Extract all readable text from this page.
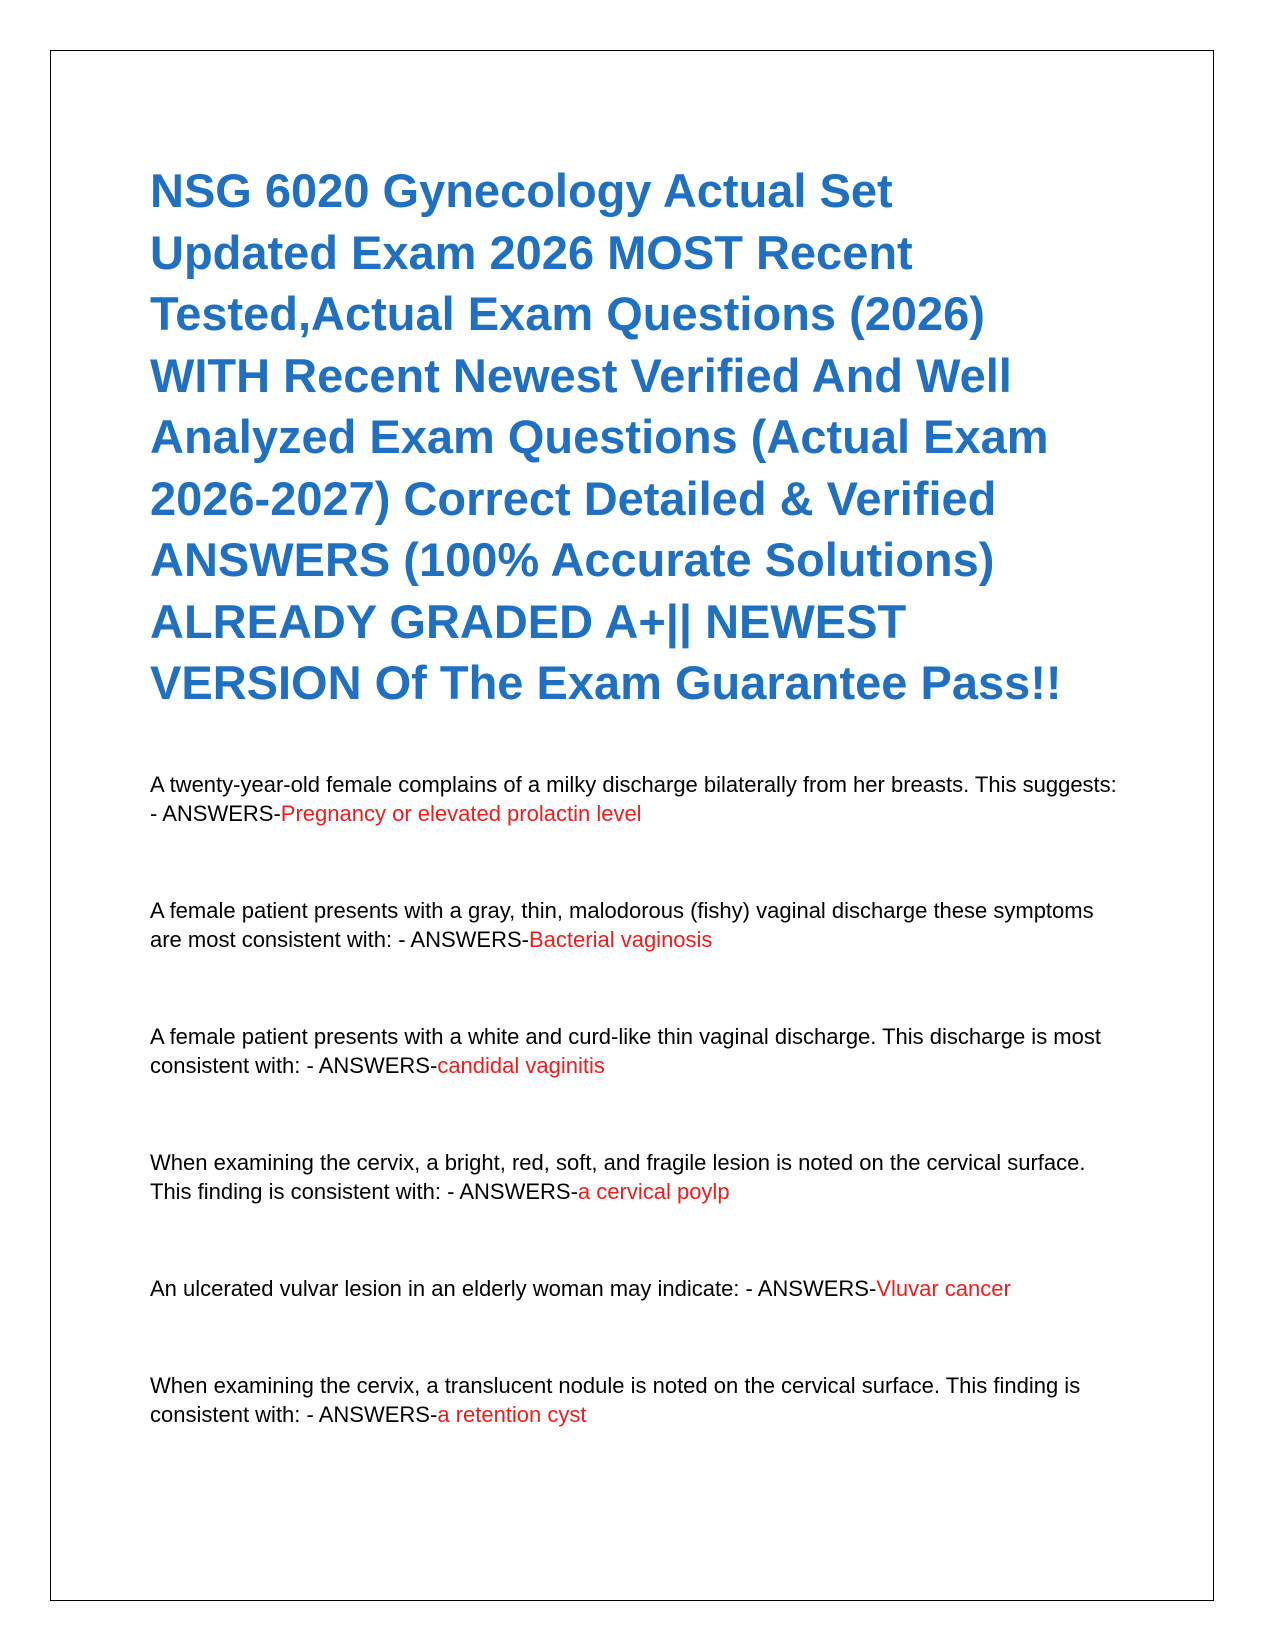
NSG 6020 Gynecology Actual Set
Updated Exam 2026 MOST Recent
Tested,Actual Exam Questions (2026)
WITH Recent Newest Verified And Well
Analyzed Exam Questions (Actual Exam
2026-2027) Correct Detailed & Verified
ANSWERS (100% Accurate Solutions)
ALREADY GRADED A+|| NEWEST
VERSION Of The Exam Guarantee Pass!!

A twenty-year-old female complains of a milky discharge bilaterally from her breasts. This suggests: - ANSWERS-Pregnancy or elevated prolactin level

A female patient presents with a gray, thin, malodorous (fishy) vaginal discharge these symptoms are most consistent with: - ANSWERS-Bacterial vaginosis

A female patient presents with a white and curd-like thin vaginal discharge. This discharge is most consistent with: - ANSWERS-candidal vaginitis

When examining the cervix, a bright, red, soft, and fragile lesion is noted on the cervical surface. This finding is consistent with: - ANSWERS-a cervical poylp

An ulcerated vulvar lesion in an elderly woman may indicate: - ANSWERS-Vluvar cancer

When examining the cervix, a translucent nodule is noted on the cervical surface. This finding is consistent with: - ANSWERS-a retention cyst
